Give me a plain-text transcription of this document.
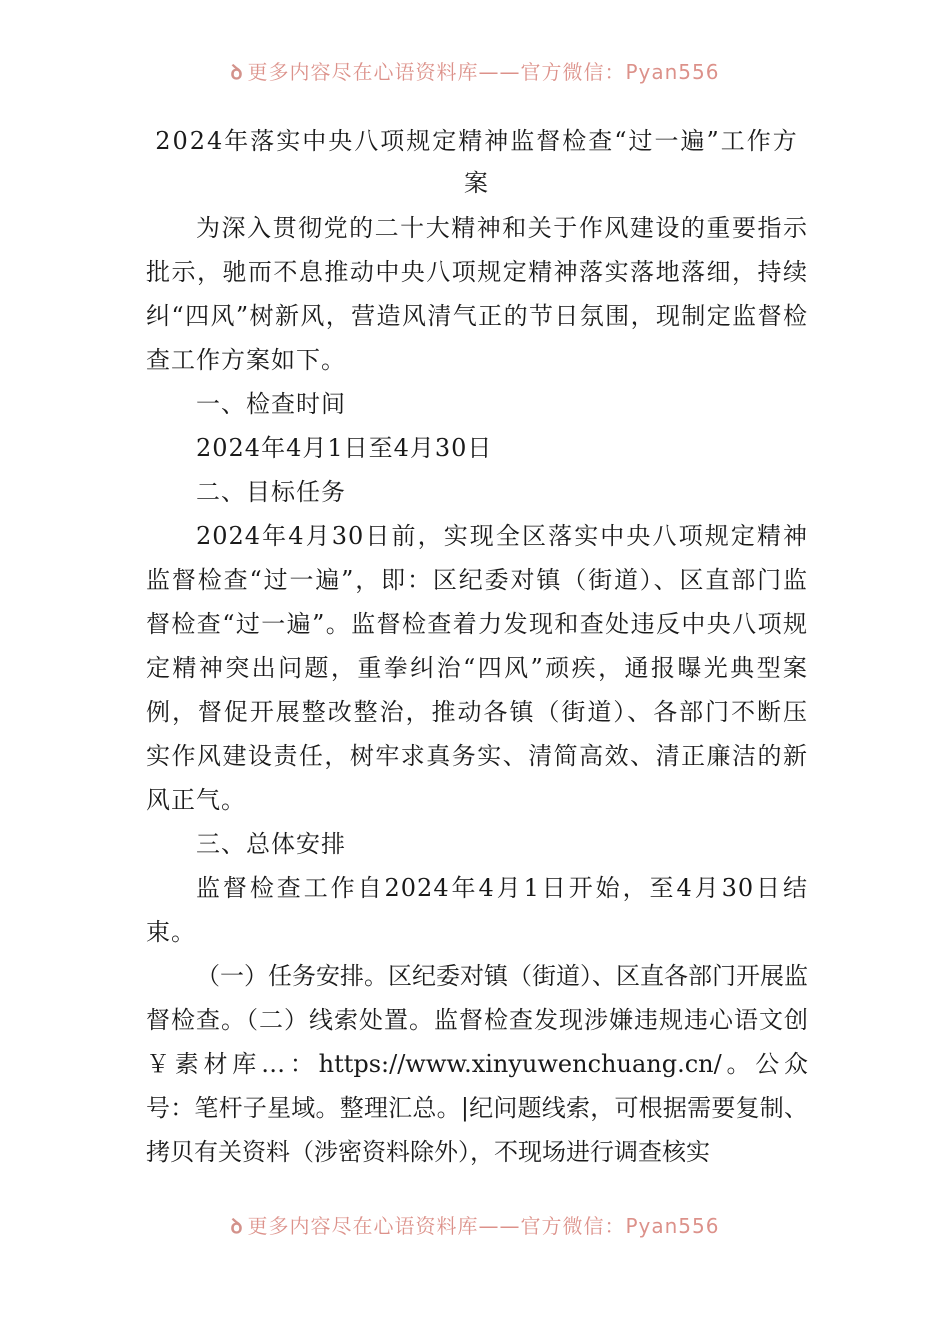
ꝺ 更多内容尽在心语资料库——官方微信：Pyan556
2024年落实中央八项规定精神监督检查“过一遍”工作方案

为深入贯彻党的二十大精神和关于作风建设的重要指示批示，驰而不息推动中央八项规定精神落实落地落细，持续纠“四风”树新风，营造风清气正的节日氛围，现制定监督检查工作方案如下。

一、检查时间

2024年4月1日至4月30日

二、目标任务

2024年4月30日前，实现全区落实中央八项规定精神监督检查“过一遍”，即：区纪委对镇（街道）、区直部门监督检查“过一遍”。监督检查着力发现和查处违反中央八项规定精神突出问题，重拳纠治“四风”顽疾，通报曝光典型案例，督促开展整改整治，推动各镇（街道）、各部门不断压实作风建设责任，树牢求真务实、清简高效、清正廉洁的新风正气。

三、总体安排

监督检查工作自2024年4月1日开始，至4月30日结束。

（一）任务安排。区纪委对镇（街道）、区直各部门开展监督检查。（二）线索处置。监督检查发现涉嫌违规违心语文创￥素材库…：https://www.xinyuwenchuang.cn/。公众号：笔杆子星域。整理汇总。|纪问题线索，可根据需要复制、拷贝有关资料（涉密资料除外），不现场进行调查核实

ꝺ 更多内容尽在心语资料库——官方微信：Pyan556
